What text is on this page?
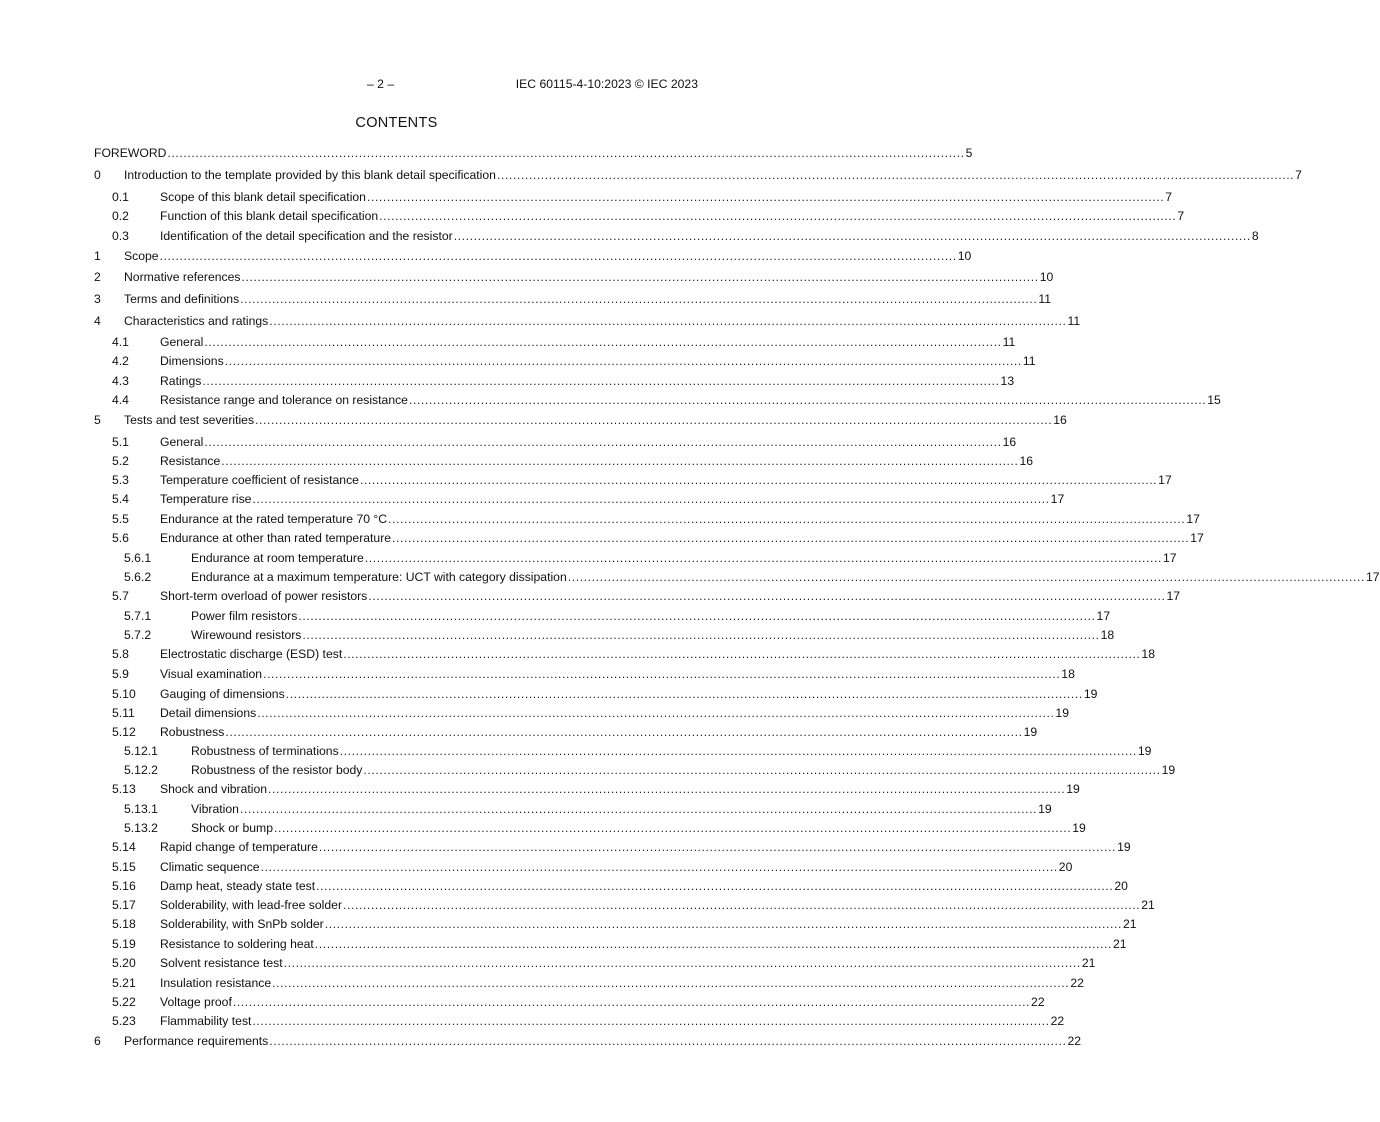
– 2 –	IEC 60115-4-10:2023 © IEC 2023
CONTENTS
FOREWORD ........................................................................................................................................................................................................ 5
0 Introduction to the template provided by this blank detail specification ........................................................................................................................................................................................................ 7
0.1	Scope of this blank detail specification ........................................................................................................................................................................................................ 7
0.2	Function of this blank detail specification ........................................................................................................................................................................................................ 7
0.3	Identification of the detail specification and the resistor ........................................................................................................................................................................................................ 8
1 Scope ........................................................................................................................................................................................................ 10
2 Normative references ........................................................................................................................................................................................................ 10
3 Terms and definitions ........................................................................................................................................................................................................ 11
4 Characteristics and ratings ........................................................................................................................................................................................................ 11
4.1	General ........................................................................................................................................................................................................ 11
4.2	Dimensions ........................................................................................................................................................................................................ 11
4.3	Ratings ........................................................................................................................................................................................................ 13
4.4	Resistance range and tolerance on resistance ........................................................................................................................................................................................................ 15
5 Tests and test severities ........................................................................................................................................................................................................ 16
5.1	General ........................................................................................................................................................................................................ 16
5.2	Resistance ........................................................................................................................................................................................................ 16
5.3	Temperature coefficient of resistance ........................................................................................................................................................................................................ 17
5.4	Temperature rise ........................................................................................................................................................................................................ 17
5.5	Endurance at the rated temperature 70 °C ........................................................................................................................................................................................................ 17
5.6	Endurance at other than rated temperature ........................................................................................................................................................................................................ 17
5.6.1	Endurance at room temperature ........................................................................................................................................................................................................ 17
5.6.2	Endurance at a maximum temperature: UCT with category dissipation ........................................................................................................................................................................................................ 17
5.7	Short-term overload of power resistors ........................................................................................................................................................................................................ 17
5.7.1	Power film resistors ........................................................................................................................................................................................................ 17
5.7.2	Wirewound resistors ........................................................................................................................................................................................................ 18
5.8	Electrostatic discharge (ESD) test ........................................................................................................................................................................................................ 18
5.9	Visual examination ........................................................................................................................................................................................................ 18
5.10 Gauging of dimensions ........................................................................................................................................................................................................ 19
5.11 Detail dimensions ........................................................................................................................................................................................................ 19
5.12 Robustness ........................................................................................................................................................................................................ 19
5.12.1	Robustness of terminations ........................................................................................................................................................................................................ 19
5.12.2	Robustness of the resistor body ........................................................................................................................................................................................................ 19
5.13 Shock and vibration ........................................................................................................................................................................................................ 19
5.13.1	Vibration ........................................................................................................................................................................................................ 19
5.13.2	Shock or bump ........................................................................................................................................................................................................ 19
5.14 Rapid change of temperature ........................................................................................................................................................................................................ 19
5.15 Climatic sequence ........................................................................................................................................................................................................ 20
5.16 Damp heat, steady state test ........................................................................................................................................................................................................ 20
5.17 Solderability, with lead-free solder ........................................................................................................................................................................................................ 21
5.18 Solderability, with SnPb solder ........................................................................................................................................................................................................ 21
5.19 Resistance to soldering heat ........................................................................................................................................................................................................ 21
5.20 Solvent resistance test ........................................................................................................................................................................................................ 21
5.21 Insulation resistance ........................................................................................................................................................................................................ 22
5.22 Voltage proof ........................................................................................................................................................................................................ 22
5.23 Flammability test ........................................................................................................................................................................................................ 22
6 Performance requirements ........................................................................................................................................................................................................ 22
